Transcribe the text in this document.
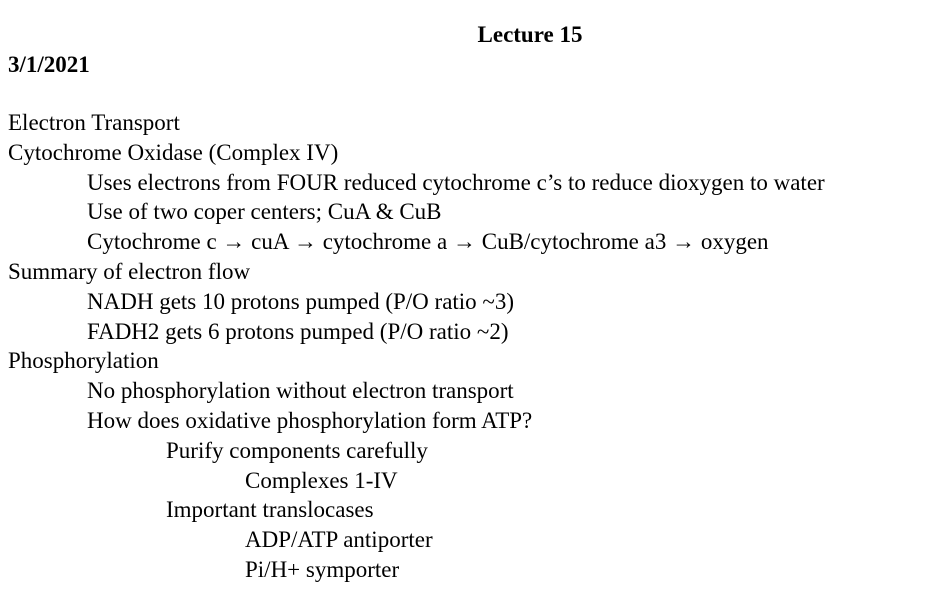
Lecture 15
3/1/2021
Electron Transport
Cytochrome Oxidase (Complex IV)
Uses electrons from FOUR reduced cytochrome c’s to reduce dioxygen to water
Use of two coper centers; CuA & CuB
Cytochrome c → cuA → cytochrome a → CuB/cytochrome a3 → oxygen
Summary of electron flow
NADH gets 10 protons pumped (P/O ratio ~3)
FADH2 gets 6 protons pumped (P/O ratio ~2)
Phosphorylation
No phosphorylation without electron transport
How does oxidative phosphorylation form ATP?
Purify components carefully
Complexes 1-IV
Important translocases
ADP/ATP antiporter
Pi/H+ symporter
